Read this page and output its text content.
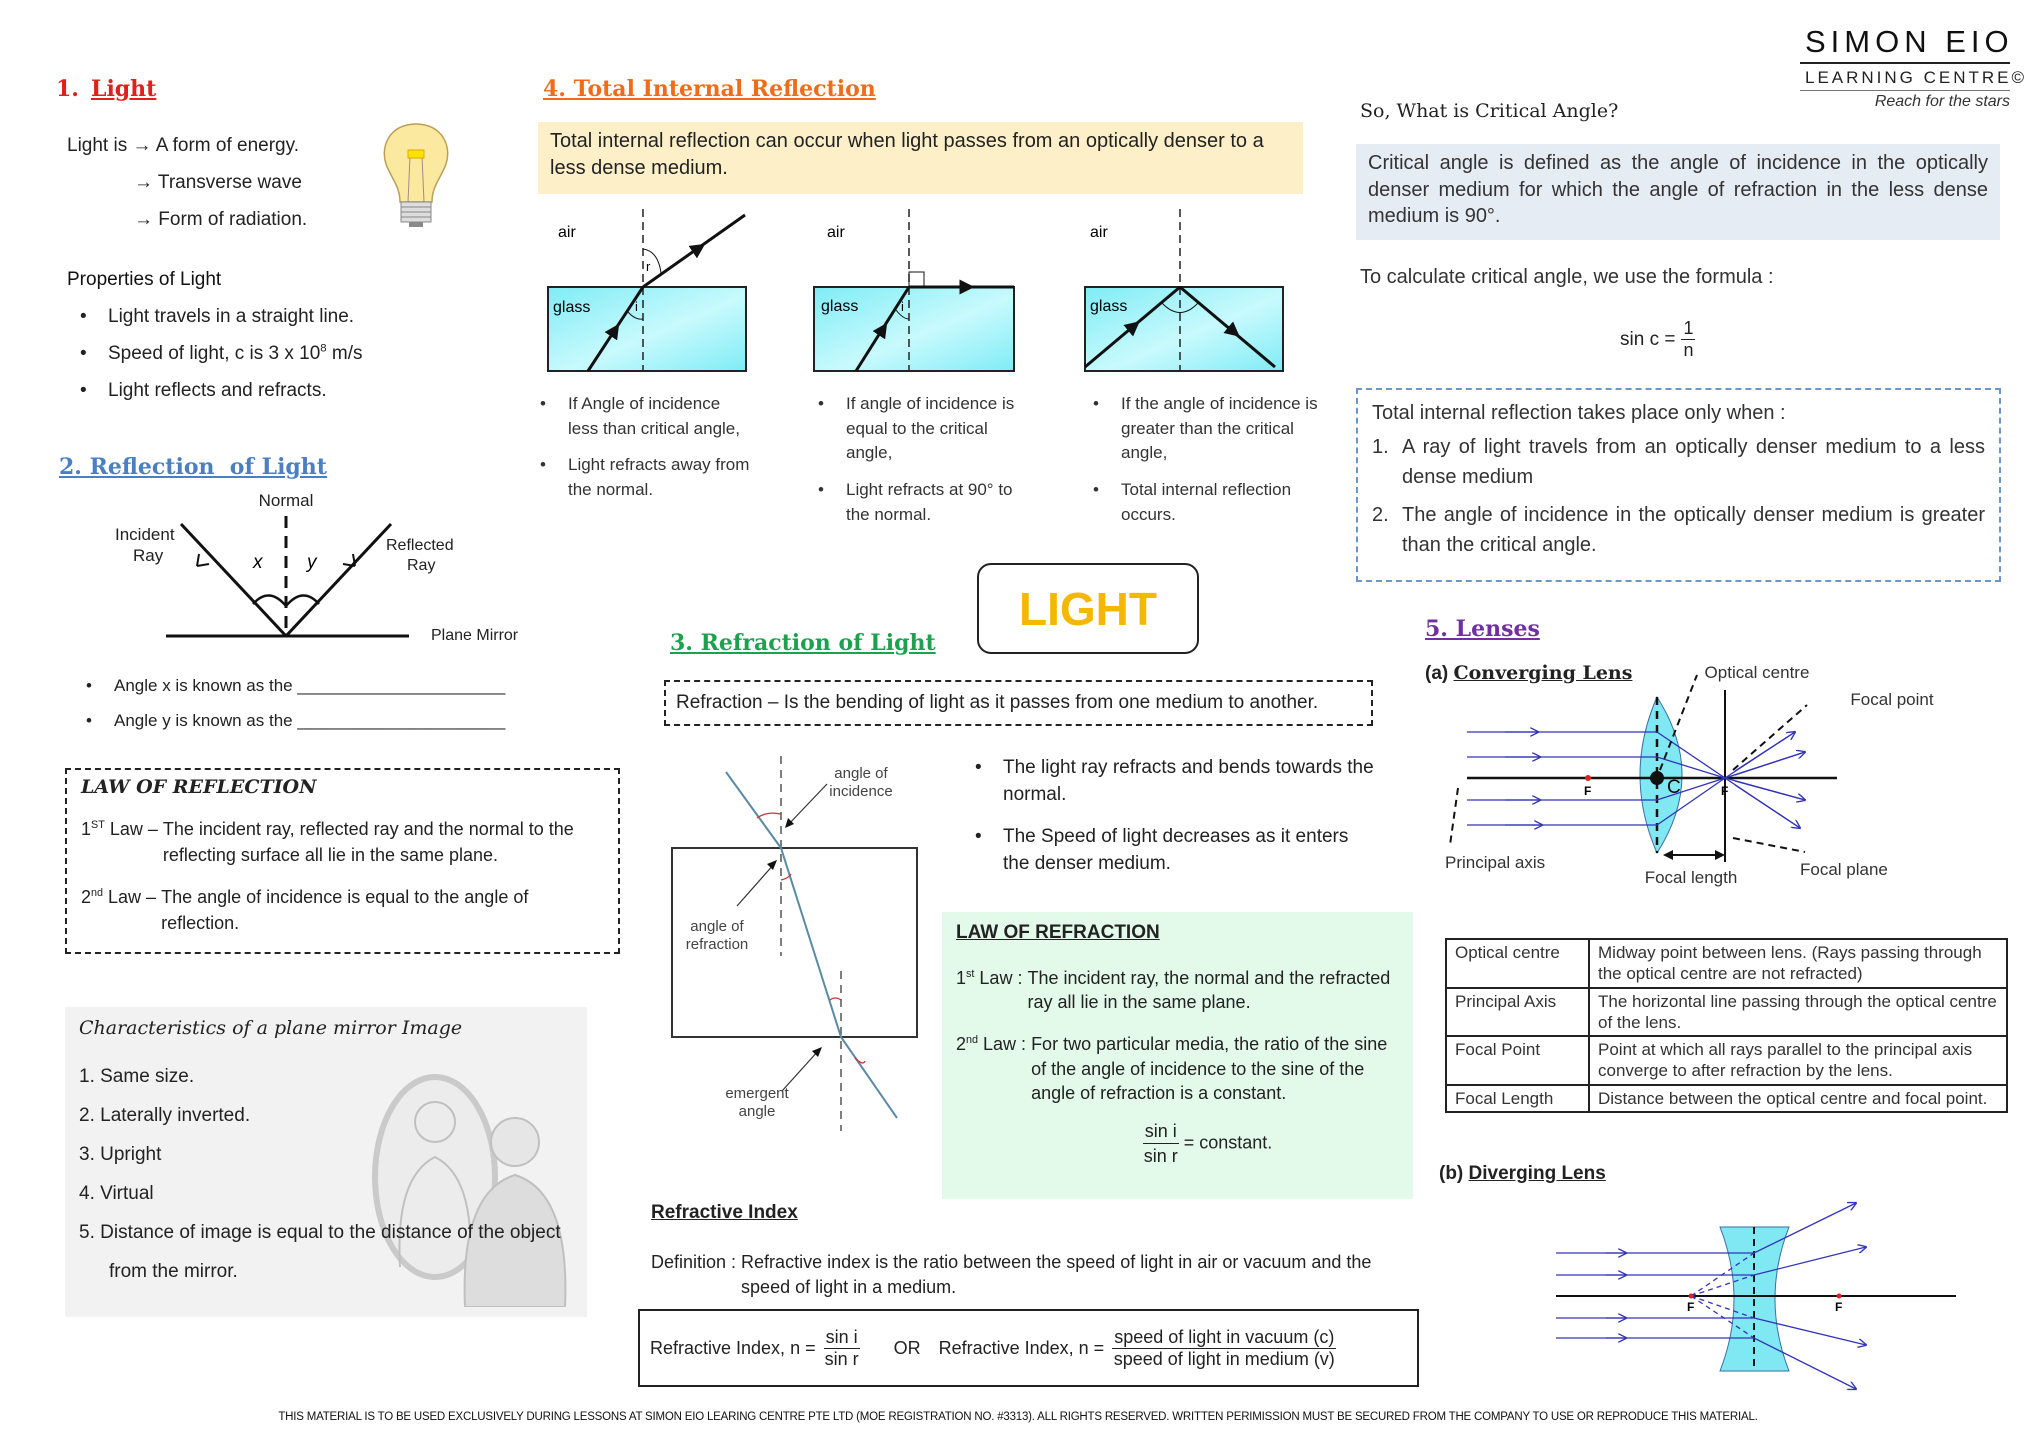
SIMON EIO
LEARNING CENTRE©
Reach for the stars
1. Light
Light is → A form of energy.
→ Transverse wave
→ Form of radiation.
Properties of Light
• Light travels in a straight line.
• Speed of light, c is 3 x $10^8$ m/s
• Light reflects and refracts.
2. Reflection  of Light
Normal
Incident
Ray
Reflected
Ray
x y
Plane Mirror
• Angle x is known as the ______________________
• Angle y is known as the ______________________
LAW OF REFLECTION
1ST Law – The incident ray, reflected ray and the normal to the reflecting surface all lie in the same plane.
2nd Law – The angle of incidence is equal to the angle of reflection.
Characteristics of a plane mirror Image
1. Same size.
2. Laterally inverted.
3. Upright
4. Virtual
5. Distance of image is equal to the distance of the object from the mirror.
4. Total Internal Reflection
Total internal reflection can occur when light passes from an optically denser to a less dense medium.
air
glass
r
i
air
glass	i
air
glass
• If Angle of incidence less than critical angle,
• Light refracts away from the normal.
• If angle of incidence is equal to the critical angle,
• Light refracts at 90° to the normal.
• If the angle of incidence is greater than the critical angle,
• Total internal reflection occurs.
LIGHT
3. Refraction of Light
Refraction – Is the bending of light as it passes from one medium to another.
angle of
incidence
angle of
refraction
emergent
angle
• The light ray refracts and bends towards the normal.
• The Speed of light decreases as it enters the denser medium.
LAW OF REFRACTION
1st Law : The incident ray, the normal and the refracted ray all lie in the same plane.
2nd Law : For two particular media, the ratio of the sine of the angle of incidence to the sine of the angle of refraction is a constant.
$\frac{\text{sin i}}{\text{sin r}}$ = constant.
Refractive Index
Definition : Refractive index is the ratio between the speed of light in air or vacuum and the speed of light in a medium.
Refractive Index, $n = \frac{\text{sin i}}{\text{sin r}}$ OR Refractive Index, $n = \frac{\text{speed of light in vacuum (c)}}{\text{speed of light in medium (v)}}$
So, What is Critical Angle?
Critical angle is defined as the angle of incidence in the optically denser medium for which the angle of refraction in the less dense medium is 90°.
To calculate critical angle, we use the formula :
$\sin c = \frac{1}{n}$
Total internal reflection takes place only when :
1. A ray of light travels from an optically denser medium to a less dense medium
2. The angle of incidence in the optically denser medium is greater than the critical angle.
5. Lenses
(a) Converging Lens
F	F
C
Optical centre
Focal point
Principal axis
Focal length	Focal plane
Optical centre	Midway point between lens. (Rays passing through the optical centre are not refracted)
Principal Axis	The horizontal line passing through the optical centre of the lens.
Focal Point	Point at which all rays parallel to the principal axis converge to after refraction by the lens.
Focal Length	Distance between the optical centre and focal point.
(b) Diverging Lens
F	F
THIS MATERIAL IS TO BE USED EXCLUSIVELY DURING LESSONS AT SIMON EIO LEARING CENTRE PTE LTD (MOE REGISTRATION NO. #3313). ALL RIGHTS RESERVED. WRITTEN PERIMISSION MUST BE SECURED FROM THE COMPANY TO USE OR REPRODUCE THIS MATERIAL.
